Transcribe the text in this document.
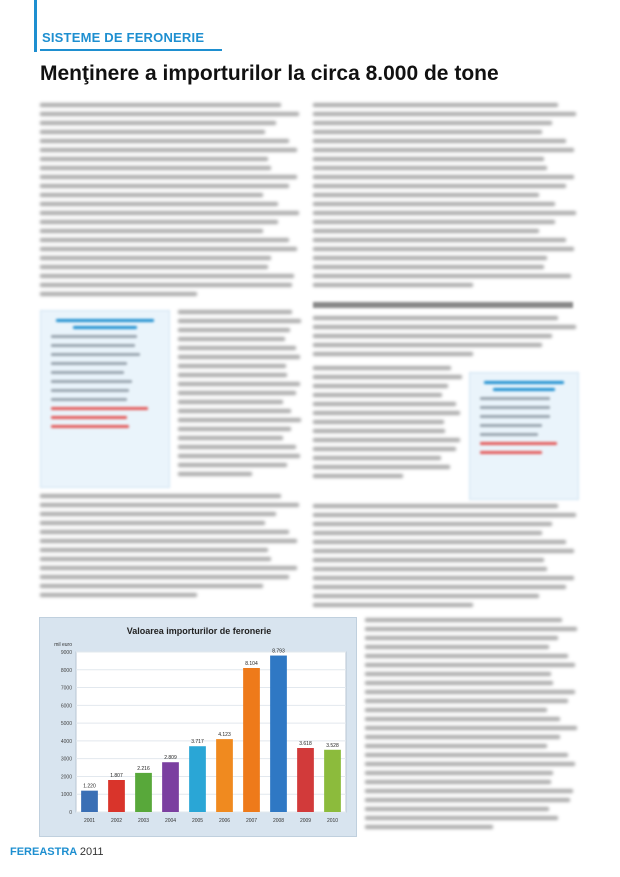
SISTEME DE FERONERIE
Menţinere a importurilor la circa 8.000 de tone
Valoarea importurilor de feronerie
mil euro
0
1000
2000
3000
4000
5000
6000
7000
8000
9000
1.220
2001
1.807
2002
2.216
2003
2.809
2004
3.717
2005
4.123
2006
8.104
2007
8.793
2008
3.618
2009
3.528
2010
FEREASTRA 2011
